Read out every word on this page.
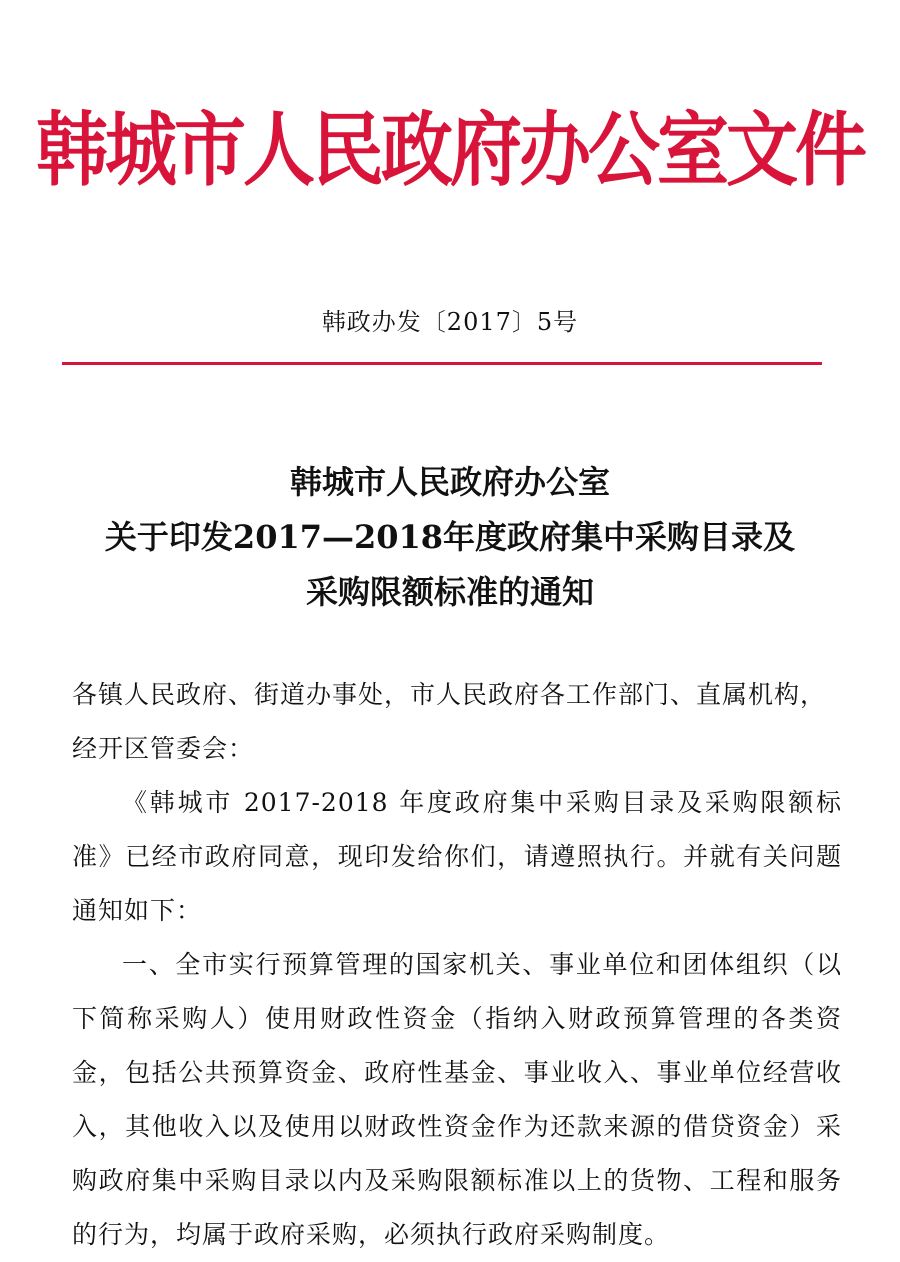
韩城市人民政府办公室文件
韩政办发〔2017〕5号
韩城市人民政府办公室
关于印发2017—2018年度政府集中采购目录及
采购限额标准的通知

各镇人民政府、街道办事处，市人民政府各工作部门、直属机构，经开区管委会：

《韩城市 2017-2018 年度政府集中采购目录及采购限额标准》已经市政府同意，现印发给你们，请遵照执行。并就有关问题通知如下：

一、全市实行预算管理的国家机关、事业单位和团体组织（以下简称采购人）使用财政性资金（指纳入财政预算管理的各类资金，包括公共预算资金、政府性基金、事业收入、事业单位经营收入，其他收入以及使用以财政性资金作为还款来源的借贷资金）采购政府集中采购目录以内及采购限额标准以上的货物、工程和服务的行为，均属于政府采购，必须执行政府采购制度。
